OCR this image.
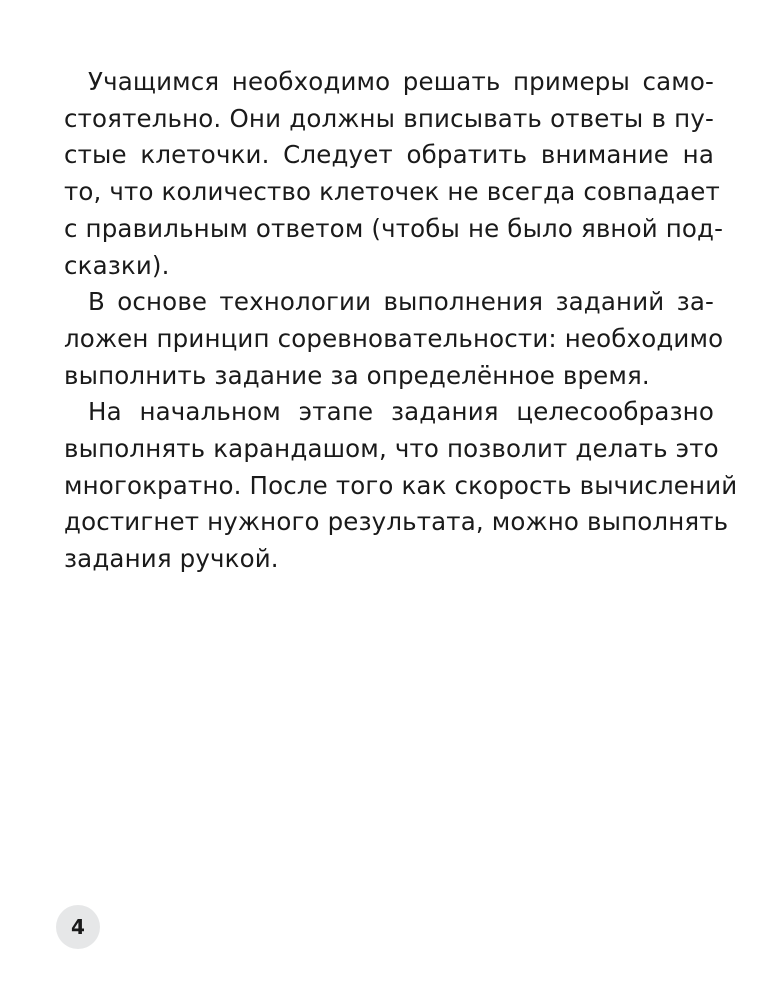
Учащимся необходимо решать примеры само-
стоятельно. Они должны вписывать ответы в пу-
стые клеточки. Следует обратить внимание на
то, что количество клеточек не всегда совпадает
с правильным ответом (чтобы не было явной под-
сказки).
В основе технологии выполнения заданий за-
ложен принцип соревновательности: необходимо
выполнить задание за определённое время.
На начальном этапе задания целесообразно
выполнять карандашом, что позволит делать это
многократно. После того как скорость вычислений
достигнет нужного результата, можно выполнять
задания ручкой.
4
